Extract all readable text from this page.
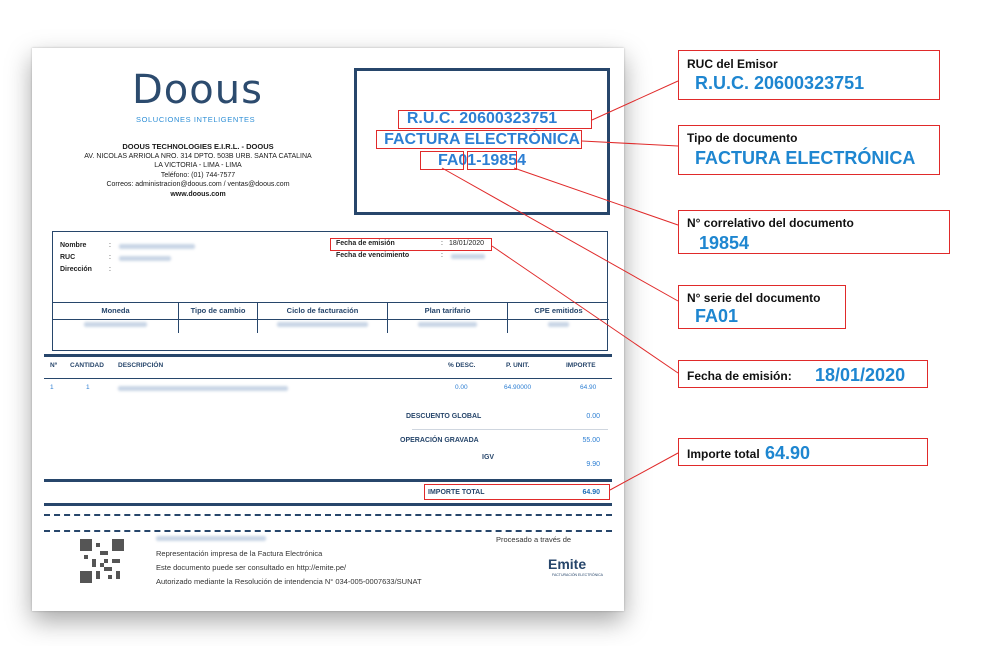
Doous
SOLUCIONES INTELIGENTES
DOOUS TECHNOLOGIES E.I.R.L. - DOOUS
AV. NICOLAS ARRIOLA NRO. 314 DPTO. 503B URB. SANTA CATALINA
LA VICTORIA - LIMA - LIMA
Teléfono: (01) 744-7577
Correos: administracion@doous.com / ventas@doous.com
www.doous.com
R.U.C. 20600323751
FACTURA ELECTRÓNICA
FA01-19854
Nombre	:
RUC	:
Dirección :
Fecha de emisión	: 18/01/2020
Fecha de vencimiento	:
Moneda	Tipo de cambio	Ciclo de facturación	Plan tarifario	CPE emitidos
Nº CANTIDAD DESCRIPCIÓN	% DESC.	P. UNIT.	IMPORTE
1	1	0.00	64.90000	64.90
DESCUENTO GLOBAL	0.00
OPERACIÓN GRAVADA	55.00
IGV
9.90
IMPORTE TOTAL	64.90
Representación impresa de la Factura Electrónica
Este documento puede ser consultado en http://emite.pe/
Autorizado mediante la Resolución de intendencia N° 034-005-0007633/SUNAT
Procesado a través de
Emite
FACTURACIÓN ELECTRÓNICA
RUC del Emisor
R.U.C. 20600323751
Tipo de documento
FACTURA ELECTRÓNICA
N° correlativo del documento
19854
N° serie del documento
FA01
Fecha de emisión: 18/01/2020
Importe total 64.90
